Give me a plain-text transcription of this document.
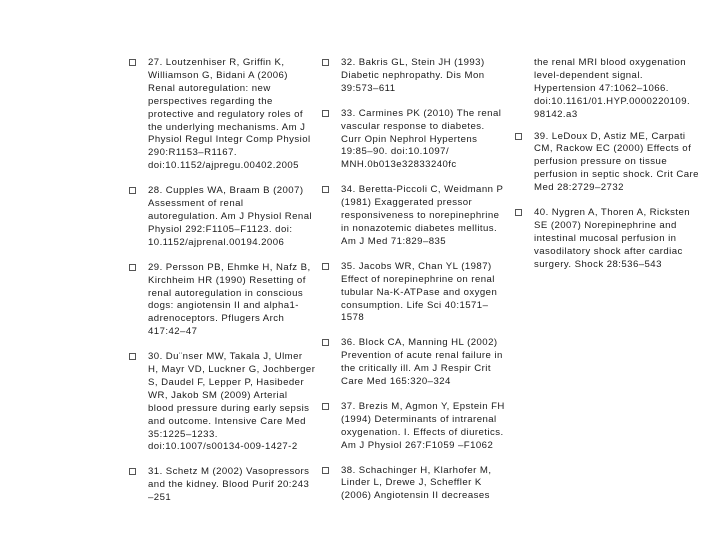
27. Loutzenhiser R, Griffin K, Williamson G, Bidani A (2006) Renal autoregulation: new perspectives regarding the protective and regulatory roles of the underlying mechanisms. Am J Physiol Regul Integr Comp Physiol 290:R1153–R1167. doi:10.1152/ajpregu.00402.2005
28. Cupples WA, Braam B (2007) Assessment of renal autoregulation. Am J Physiol Renal Physiol 292:F1105–F1123. doi: 10.1152/ajprenal.00194.2006
29. Persson PB, Ehmke H, Nafz B, Kirchheim HR (1990) Resetting of renal autoregulation in conscious dogs: angiotensin II and alpha1-adrenoceptors. Pflugers Arch 417:42–47
30. Du¨nser MW, Takala J, Ulmer H, Mayr VD, Luckner G, Jochberger S, Daudel F, Lepper P, Hasibeder WR, Jakob SM (2009) Arterial blood pressure during early sepsis and outcome. Intensive Care Med 35:1225–1233. doi:10.1007/s00134-009-1427-2
31. Schetz M (2002) Vasopressors and the kidney. Blood Purif 20:243 –251
32. Bakris GL, Stein JH (1993) Diabetic nephropathy. Dis Mon 39:573–611
33. Carmines PK (2010) The renal vascular response to diabetes. Curr Opin Nephrol Hypertens 19:85–90. doi:10.1097/ MNH.0b013e32833240fc
34. Beretta-Piccoli C, Weidmann P (1981) Exaggerated pressor responsiveness to norepinephrine in nonazotemic diabetes mellitus. Am J Med 71:829–835
35. Jacobs WR, Chan YL (1987) Effect of norepinephrine on renal tubular Na-K-ATPase and oxygen consumption. Life Sci 40:1571–1578
36. Block CA, Manning HL (2002) Prevention of acute renal failure in the critically ill. Am J Respir Crit Care Med 165:320–324
37. Brezis M, Agmon Y, Epstein FH (1994) Determinants of intrarenal oxygenation. I. Effects of diuretics. Am J Physiol 267:F1059 –F1062
38. Schachinger H, Klarhofer M, Linder L, Drewe J, Scheffler K (2006) Angiotensin II decreases
the renal MRI blood oxygenation level-dependent signal. Hypertension 47:1062–1066. doi:10.1161/01.HYP.0000220109. 98142.a3
39. LeDoux D, Astiz ME, Carpati CM, Rackow EC (2000) Effects of perfusion pressure on tissue perfusion in septic shock. Crit Care Med 28:2729–2732
40. Nygren A, Thoren A, Ricksten SE (2007) Norepinephrine and intestinal mucosal perfusion in vasodilatory shock after cardiac surgery. Shock 28:536–543
